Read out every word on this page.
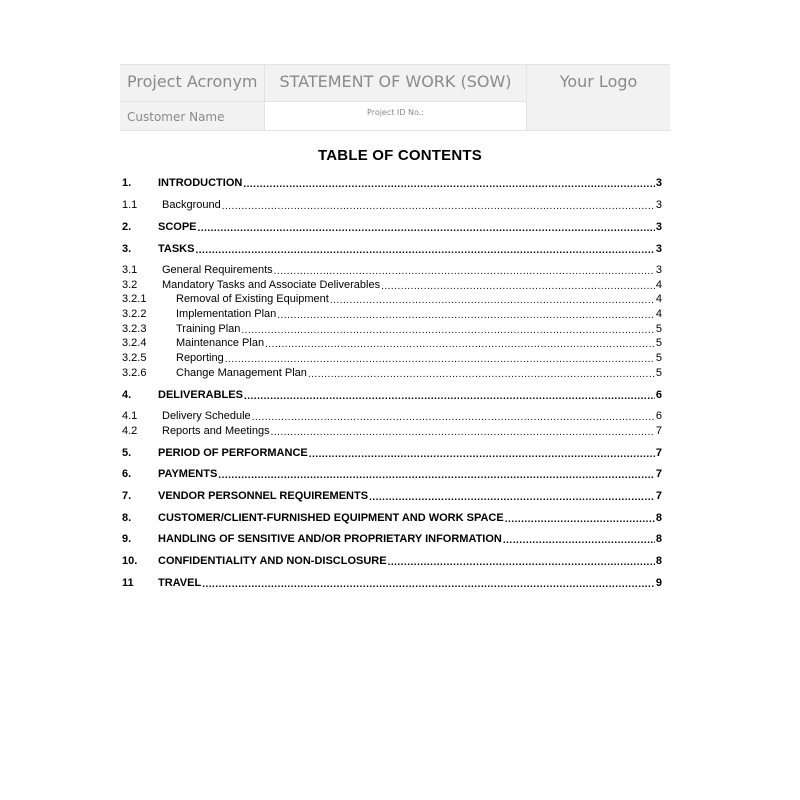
Project Acronym	STATEMENT OF WORK (SOW)	Your Logo
Customer Name	Project ID No.:
TABLE OF CONTENTS
1.	INTRODUCTION .....	3
1.1	Background .....	3
2.	SCOPE .....	3
3.	TASKS .....	3
3.1	General Requirements .....	3
3.2	Mandatory Tasks and Associate Deliverables .....	4
3.2.1	Removal of Existing Equipment .....	4
3.2.2	Implementation Plan .....	4
3.2.3	Training Plan .....	5
3.2.4	Maintenance Plan .....	5
3.2.5	Reporting .....	5
3.2.6	Change Management Plan .....	5
4.	DELIVERABLES .....	6
4.1	Delivery Schedule .....	6
4.2	Reports and Meetings .....	7
5.	PERIOD OF PERFORMANCE .....	7
6.	PAYMENTS .....	7
7.	VENDOR PERSONNEL REQUIREMENTS .....	7
8.	CUSTOMER/CLIENT-FURNISHED EQUIPMENT AND WORK SPACE .....	8
9.	HANDLING OF SENSITIVE AND/OR PROPRIETARY INFORMATION .....	8
10.	CONFIDENTIALITY AND NON-DISCLOSURE .....	8
11	TRAVEL .....	9
